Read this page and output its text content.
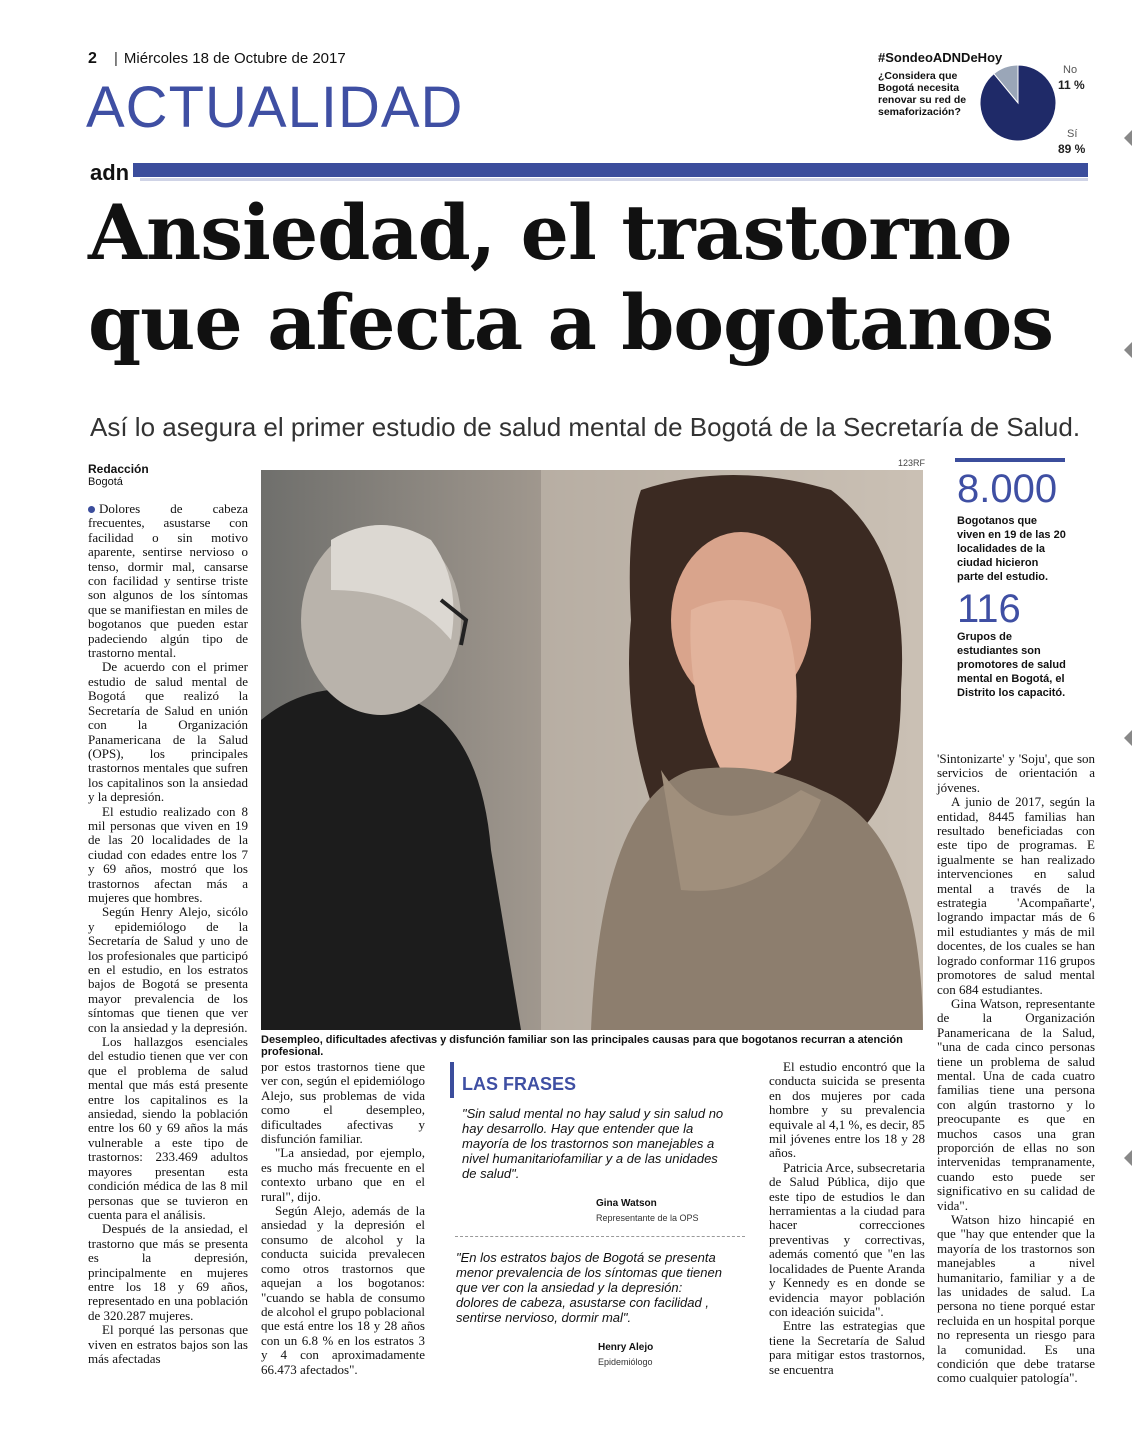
2
|	Miércoles 18 de Octubre de 2017
ACTUALIDAD
#SondeoADNDeHoy
¿Considera que Bogotá necesita renovar su red de semaforización?
No
11 %
Sí
89 %
adn
Ansiedad, el trastorno que afecta a bogotanos
Así lo asegura el primer estudio de salud mental de Bogotá de la Secretaría de Salud.
Redacción
Bogotá
123RF
Desempleo, dificultades afectivas y disfunción familiar son las principales causas para que bogotanos recurran a atención profesional.
8.000
Bogotanos que viven en 19 de las 20 localidades de la ciudad hicieron parte del estudio.
116
Grupos de estudiantes son promotores de salud mental en Bogotá, el Distrito los capacitó.

Dolores de cabeza frecuentes, asustarse con facilidad o sin motivo aparente, sentirse nervioso o tenso, dormir mal, cansarse con facilidad y sentirse triste son algunos de los síntomas que se manifiestan en miles de bogotanos que pueden estar padeciendo algún tipo de trastorno mental.

De acuerdo con el primer estudio de salud mental de Bogotá que realizó la Secretaría de Salud en unión con la Organización Panamericana de la Salud (OPS), los principales trastornos mentales que sufren los capitalinos son la ansiedad y la depresión.

El estudio realizado con 8 mil personas que viven en 19 de las 20 localidades de la ciudad con edades entre los 7 y 69 años, mostró que los trastornos afectan más a mujeres que hombres.

Según Henry Alejo, sicólo y epidemiólogo de la Secretaría de Salud y uno de los profesionales que participó en el estudio, en los estratos bajos de Bogotá se presenta mayor prevalencia de los síntomas que tienen que ver con la ansiedad y la depresión.

Los hallazgos esenciales del estudio tienen que ver con que el problema de salud mental que más está presente entre los capitalinos es la ansiedad, siendo la población entre los 60 y 69 años la más vulnerable a este tipo de trastornos: 233.469 adultos mayores presentan esta condición médica de las 8 mil personas que se tuvieron en cuenta para el análisis.

Después de la ansiedad, el trastorno que más se presenta es la depresión, principalmente en mujeres entre los 18 y 69 años, representado en una población de 320.287 mujeres.

El porqué las personas que viven en estratos bajos son las más afectadas

por estos trastornos tiene que ver con, según el epidemiólogo Alejo, sus problemas de vida como el desempleo, dificultades afectivas y disfunción familiar.

"La ansiedad, por ejemplo, es mucho más frecuente en el contexto urbano que en el rural", dijo.

Según Alejo, además de la ansiedad y la depresión el consumo de alcohol y la conducta suicida prevalecen como otros trastornos que aquejan a los bogotanos: "cuando se habla de consumo de alcohol el grupo poblacional que está entre los 18 y 28 años con un 6.8 % en los estratos 3 y 4 con aproximadamente 66.473 afectados".

LAS FRASES
"Sin salud mental no hay salud y sin salud no hay desarrollo. Hay que entender que la mayoría de los trastornos son manejables a nivel humanitariofamiliar y a de las unidades de salud".
Gina Watson
Representante de la OPS
"En los estratos bajos de Bogotá se presenta menor prevalencia de los síntomas que tienen que ver con la ansiedad y la depresión: dolores de cabeza, asustarse con facilidad , sentirse nervioso, dormir mal".
Henry Alejo
Epidemiólogo

El estudio encontró que la conducta suicida se presenta en dos mujeres por cada hombre y su prevalencia equivale al 4,1 %, es decir, 85 mil jóvenes entre los 18 y 28 años.

Patricia Arce, subsecretaria de Salud Pública, dijo que este tipo de estudios le dan herramientas a la ciudad para hacer correcciones preventivas y correctivas, además comentó que "en las localidades de Puente Aranda y Kennedy es en donde se evidencia mayor población con ideación suicida".

Entre las estrategias que tiene la Secretaría de Salud para mitigar estos trastornos, se encuentra

'Sintonizarte' y 'Soju', que son servicios de orientación a jóvenes.

A junio de 2017, según la entidad, 8445 familias han resultado beneficiadas con este tipo de programas. E igualmente se han realizado intervenciones en salud mental a través de la estrategia 'Acompañarte', logrando impactar más de 6 mil estudiantes y más de mil docentes, de los cuales se han logrado conformar 116 grupos promotores de salud mental con 684 estudiantes.

Gina Watson, representante de la Organización Panamericana de la Salud, "una de cada cinco personas tiene un problema de salud mental. Una de cada cuatro familias tiene una persona con algún trastorno y lo preocupante es que en muchos casos una gran proporción de ellas no son intervenidas tempranamente, cuando esto puede ser significativo en su calidad de vida".

Watson hizo hincapié en que "hay que entender que la mayoría de los trastornos son manejables a nivel humanitario, familiar y a de las unidades de salud. La persona no tiene porqué estar recluida en un hospital porque no representa un riesgo para la comunidad. Es una condición que debe tratarse como cualquier patología".
